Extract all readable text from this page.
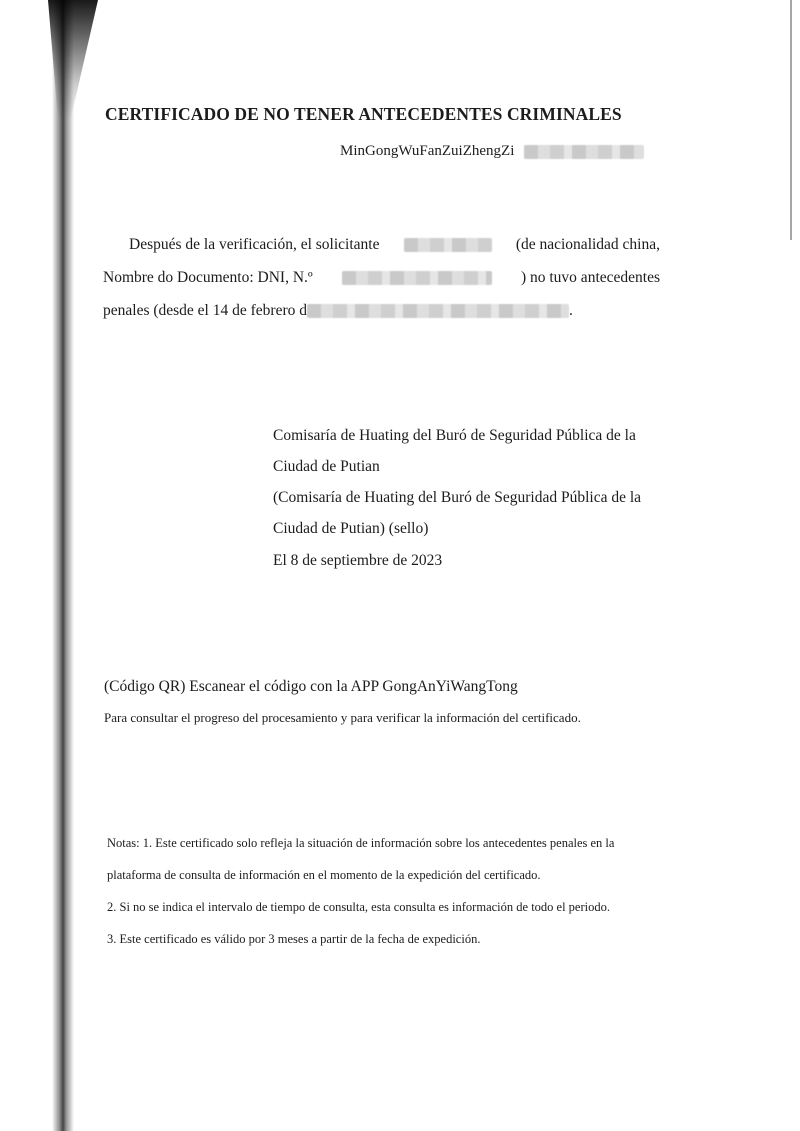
CERTIFICADO DE NO TENER ANTECEDENTES CRIMINALES
MinGongWuFanZuiZhengZi
Después de la verificación, el solicitante	(de nacionalidad china,
Nombre do Documento: DNI, N.º	) no tuvo antecedentes
penales (desde el 14 de febrero d	.
Comisaría de Huating del Buró de Seguridad Pública de la
Ciudad de Putian
(Comisaría de Huating del Buró de Seguridad Pública de la
Ciudad de Putian) (sello)
El 8 de septiembre de 2023
(Código QR) Escanear el código con la APP GongAnYiWangTong
Para consultar el progreso del procesamiento y para verificar la información del certificado.
Notas: 1. Este certificado solo refleja la situación de información sobre los antecedentes penales en la
plataforma de consulta de información en el momento de la expedición del certificado.
2. Si no se indica el intervalo de tiempo de consulta, esta consulta es información de todo el periodo.
3. Este certificado es válido por 3 meses a partir de la fecha de expedición.
